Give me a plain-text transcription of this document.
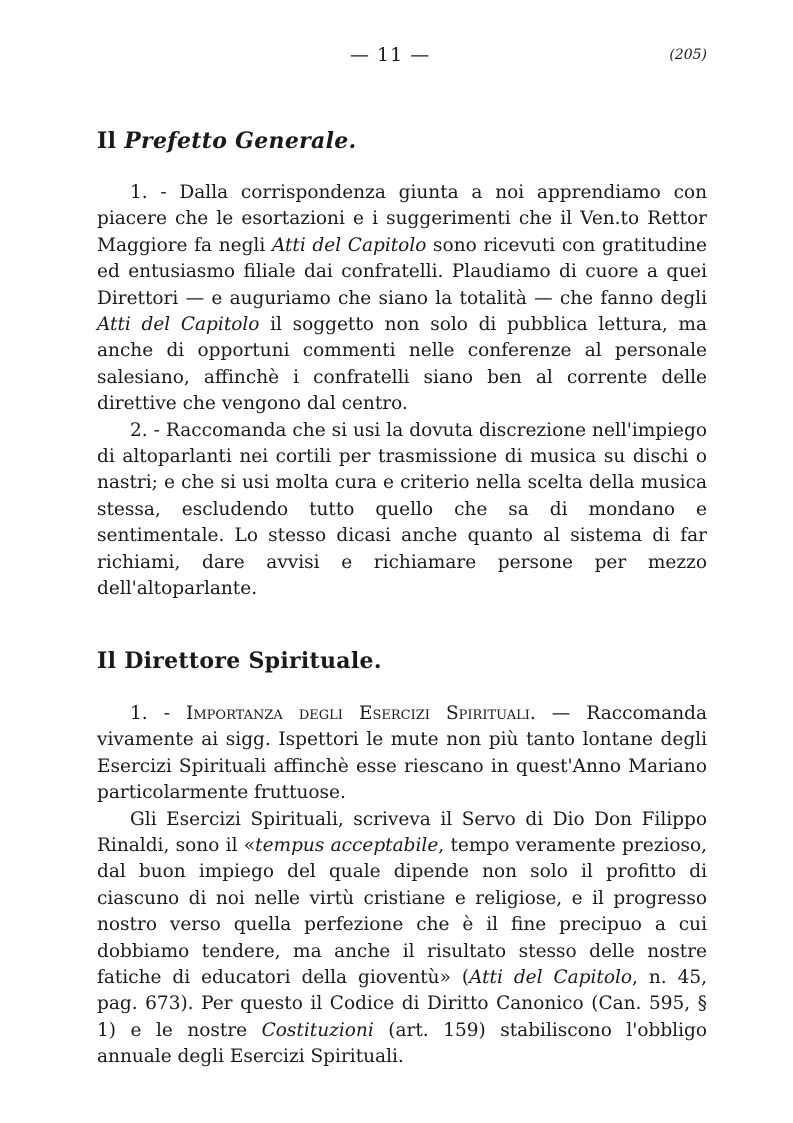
— 11 —	(205)
Il Prefetto Generale.

1. - Dalla corrispondenza giunta a noi apprendiamo con piacere che le esortazioni e i suggerimenti che il Ven.to Rettor Maggiore fa negli Atti del Capitolo sono ricevuti con gratitudine ed entusiasmo filiale dai confratelli. Plaudiamo di cuore a quei Direttori — e auguriamo che siano la totalità — che fanno degli Atti del Capitolo il soggetto non solo di pubblica lettura, ma anche di opportuni commenti nelle conferenze al personale salesiano, affinchè i confratelli siano ben al corrente delle direttive che vengono dal centro.

2. - Raccomanda che si usi la dovuta discrezione nell'impiego di altoparlanti nei cortili per trasmissione di musica su dischi o nastri; e che si usi molta cura e criterio nella scelta della musica stessa, escludendo tutto quello che sa di mondano e sentimentale. Lo stesso dicasi anche quanto al sistema di far richiami, dare avvisi e richiamare persone per mezzo dell'altoparlante.

Il Direttore Spirituale.

1. - Importanza degli Esercizi Spirituali. — Raccomanda vivamente ai sigg. Ispettori le mute non più tanto lontane degli Esercizi Spirituali affinchè esse riescano in quest'Anno Mariano particolarmente fruttuose.

Gli Esercizi Spirituali, scriveva il Servo di Dio Don Filippo Rinaldi, sono il «tempus acceptabile, tempo veramente prezioso, dal buon impiego del quale dipende non solo il profitto di ciascuno di noi nelle virtù cristiane e religiose, e il progresso nostro verso quella perfezione che è il fine precipuo a cui dobbiamo tendere, ma anche il risultato stesso delle nostre fatiche di educatori della gioventù» (Atti del Capitolo, n. 45, pag. 673). Per questo il Codice di Diritto Canonico (Can. 595, § 1) e le nostre Costituzioni (art. 159) stabiliscono l'obbligo annuale degli Esercizi Spirituali.
